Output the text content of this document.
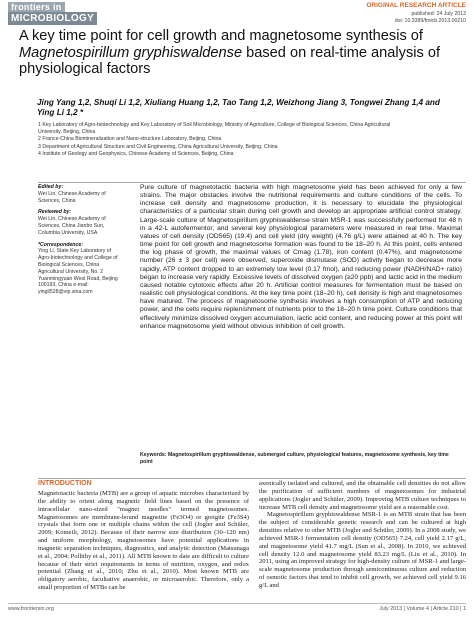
frontiers in
MICROBIOLOGY
ORIGINAL RESEARCH ARTICLE
published: 24 July 2013
doi: 10.3389/fmicb.2013.00210
A key time point for cell growth and magnetosome synthesis of Magnetospirillum gryphiswaldense based on real-time analysis of physiological factors
Jing Yang 1,2, Shuqi Li 1,2, Xiuliang Huang 1,2, Tao Tang 1,2, Weizhong Jiang 3, Tongwei Zhang 1,4 and Ying Li 1,2 *
1 Key Laboratory of Agro-biotechnology and Key Laboratory of Soil Microbiology, Ministry of Agriculture, College of Biological Sciences, China Agricultural
University, Beijing, China
2 France-China Biomineralization and Nano-structure Laboratory, Beijing, China
3 Department of Agricultural Structure and Civil Engineering, China Agricultural University, Beijing, China
4 Institute of Geology and Geophysics, Chinese Academy of Sciences, Beijing, China
Edited by:
Wei Lin, Chinese Academy of Sciences, China
Reviewed by:
Wei Lin, Chinese Academy of Sciences, China Jianbo Sun, Columbia University, USA
*Correspondence:
Ying Li, State Key Laboratory of Agro-biotechnology and College of Biological Sciences, China Agricultural University, No. 2 Yuanmingyuan West Road, Beijing 100193, China e-mail: yingli528@vip.sina.com

Pure culture of magnetotactic bacteria with high magnetosome yield has been achieved for only a few strains. The major obstacles involve the nutritional requirements and culture conditions of the cells. To increase cell density and magnetosome production, it is necessary to elucidate the physiological characteristics of a particular strain during cell growth and develop an appropriate artificial control strategy. Large-scale culture of Magnetospirillum gryphiswaldense strain MSR-1 was successfully performed for 48 h in a 42-L autofermentor, and several key physiological parameters were measured in real time. Maximal values of cell density (OD565) (19.4) and cell yield (dry weight) (4.76 g/L) were attained at 40 h. The key time point for cell growth and magnetosome formation was found to be 18–20 h. At this point, cells entered the log phase of growth, the maximal values of Cmag (1.78), iron content (0.47%), and magnetosome number (26 ± 3 per cell) were observed, superoxide dismutase (SOD) activity began to decrease more rapidly, ATP content dropped to an extremely low level (0.17 fmol), and reducing power (NADH/NAD+ ratio) began to increase very rapidly. Excessive levels of dissolved oxygen (≥20 ppb) and lactic acid in the medium caused notable cytotoxic effects after 20 h. Artificial control measures for fermentation must be based on realistic cell physiological conditions. At the key time point (18–20 h), cell density is high and magnetosomes have matured. The process of magnetosome synthesis involves a high consumption of ATP and reducing power, and the cells require replenishment of nutrients prior to the 18–20 h time point. Culture conditions that effectively minimize dissolved oxygen accumulation, lactic acid content, and reducing power at this point will enhance magnetosome yield without obvious inhibition of cell growth.

Keywords: Magnetospirillum gryphiswaldense, submerged culture, physiological features, magnetosome synthesis, key time point
INTRODUCTION

Magnetotactic bacteria (MTB) are a group of aquatic microbes characterized by the ability to orient along magnetic field lines based on the presence of intracellular nano-sized "magnet needles" termed magnetosomes. Magnetosomes are membrane-bound magnetite (Fe3O4) or greigite (Fe3S4) crystals that form one or multiple chains within the cell (Jogler and Schüler, 2009; Komeili, 2012). Because of their narrow size distribution (30–120 nm) and uniform morphology, magnetosomes have potential applications in magnetic separation techniques, diagnostics, and analytic detection (Matsunaga et al., 2004; Pollithy et al., 2011). All MTB known to date are difficult to culture because of their strict requirements in terms of nutrition, oxygen, and redox potential (Zhang et al., 2010; Zhu et al., 2010). Most known MTB are obligatory aerobic, facultative anaerobic, or microaerobic. Therefore, only a small proportion of MTBs can be

axenically isolated and cultured, and the obtainable cell densities do not allow the purification of sufficient numbers of magnetosomes for industrial applications (Jogler and Schüler, 2009). Improving MTB culture techniques to increase MTB cell density and magnetosome yield are a reasonable cost.

Magnetospirillum gryphiswaldense MSR-1 is an MTB strain that has been the subject of considerable genetic research and can be cultured at high densities relative to other MTB (Jogler and Schüler, 2009). In a 2008 study, we achieved MSR-1 fermentation cell density (OD565) 7.24, cell yield 2.17 g/L, and magnetosome yield 41.7 mg/L (Sun et al., 2008). In 2010, we achieved cell density 12.0 and magnetosome yield 83.23 mg/L (Liu et al., 2010). In 2011, using an improved strategy for high-density culture of MSR-1 and large-scale magnetosome production through semicontinuous culture and reduction of osmotic factors that tend to inhibit cell growth, we achieved cell yield 9.16 g/L and

www.frontiersin.org	July 2013 | Volume 4 | Article 210 | 1
